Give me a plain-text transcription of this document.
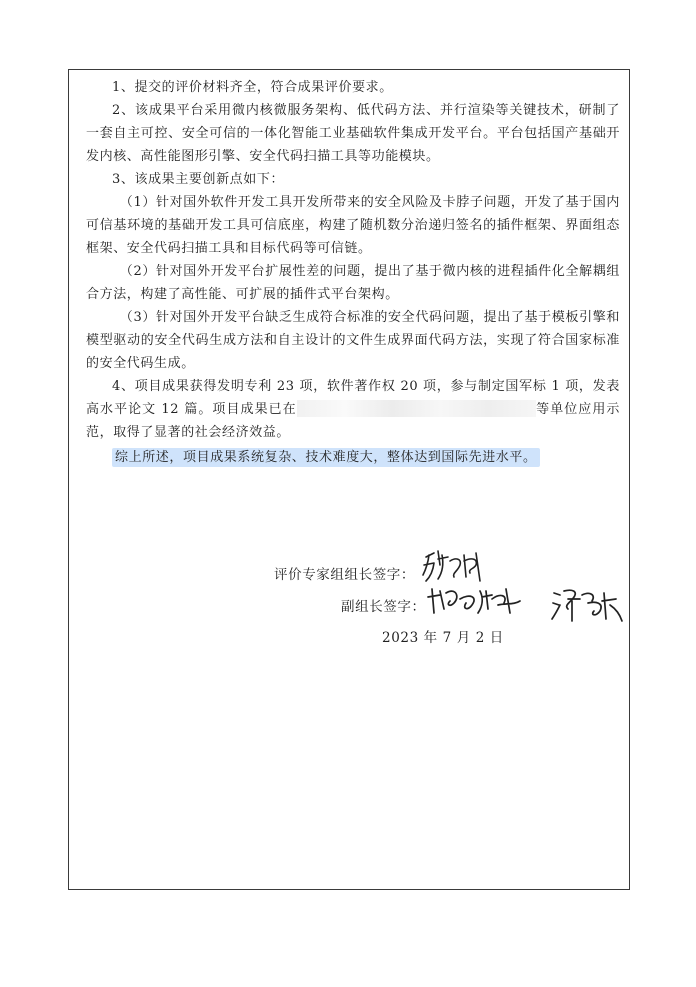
1、提交的评价材料齐全，符合成果评价要求。

2、该成果平台采用微内核微服务架构、低代码方法、并行渲染等关键技术，研制了一套自主可控、安全可信的一体化智能工业基础软件集成开发平台。平台包括国产基础开发内核、高性能图形引擎、安全代码扫描工具等功能模块。

3、该成果主要创新点如下：

（1）针对国外软件开发工具开发所带来的安全风险及卡脖子问题，开发了基于国内可信基环境的基础开发工具可信底座，构建了随机数分治递归签名的插件框架、界面组态框架、安全代码扫描工具和目标代码等可信链。

（2）针对国外开发平台扩展性差的问题，提出了基于微内核的进程插件化全解耦组合方法，构建了高性能、可扩展的插件式平台架构。

（3）针对国外开发平台缺乏生成符合标准的安全代码问题，提出了基于模板引擎和模型驱动的安全代码生成方法和自主设计的文件生成界面代码方法，实现了符合国家标准的安全代码生成。

4、项目成果获得发明专利 23 项，软件著作权 20 项，参与制定国军标 1 项，发表高水平论文 12 篇。项目成果已在	等单位应用示范，取得了显著的社会经济效益。

综上所述，项目成果系统复杂、技术难度大，整体达到国际先进水平。

评价专家组组长签字：
副组长签字：
2023 年 7 月 2 日
